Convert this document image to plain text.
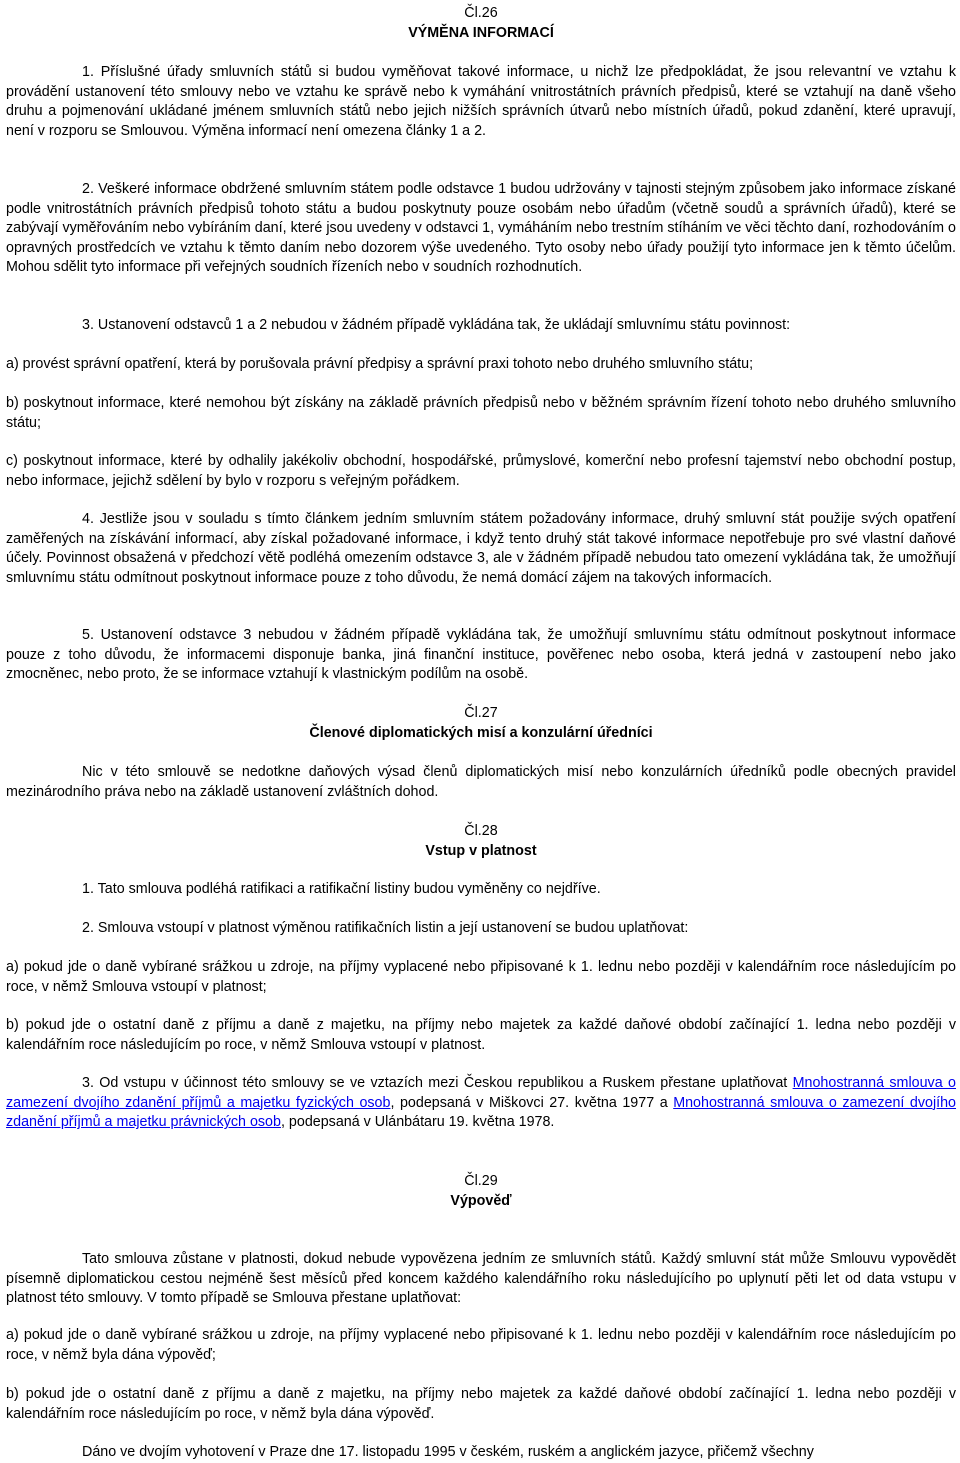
Čl.26
VÝMĚNA INFORMACÍ

1. Příslušné úřady smluvních států si budou vyměňovat takové informace, u nichž lze předpokládat, že jsou relevantní ve vztahu k provádění ustanovení této smlouvy nebo ve vztahu ke správě nebo k vymáhání vnitrostátních právních předpisů, které se vztahují na daně všeho druhu a pojmenování ukládané jménem smluvních států nebo jejich nižších správních útvarů nebo místních úřadů, pokud zdanění, které upravují, není v rozporu se Smlouvou. Výměna informací není omezena články 1 a 2.

2. Veškeré informace obdržené smluvním státem podle odstavce 1 budou udržovány v tajnosti stejným způsobem jako informace získané podle vnitrostátních právních předpisů tohoto státu a budou poskytnuty pouze osobám nebo úřadům (včetně soudů a správních úřadů), které se zabývají vyměřováním nebo vybíráním daní, které jsou uvedeny v odstavci 1, vymáháním nebo trestním stíháním ve věci těchto daní, rozhodováním o opravných prostředcích ve vztahu k těmto daním nebo dozorem výše uvedeného. Tyto osoby nebo úřady použijí tyto informace jen k těmto účelům. Mohou sdělit tyto informace při veřejných soudních řízeních nebo v soudních rozhodnutích.

3. Ustanovení odstavců 1 a 2 nebudou v žádném případě vykládána tak, že ukládají smluvnímu státu povinnost:

a) provést správní opatření, která by porušovala právní předpisy a správní praxi tohoto nebo druhého smluvního státu;

b) poskytnout informace, které nemohou být získány na základě právních předpisů nebo v běžném správním řízení tohoto nebo druhého smluvního státu;

c) poskytnout informace, které by odhalily jakékoliv obchodní, hospodářské, průmyslové, komerční nebo profesní tajemství nebo obchodní postup, nebo informace, jejichž sdělení by bylo v rozporu s veřejným pořádkem.

4. Jestliže jsou v souladu s tímto článkem jedním smluvním státem požadovány informace, druhý smluvní stát použije svých opatření zaměřených na získávání informací, aby získal požadované informace, i když tento druhý stát takové informace nepotřebuje pro své vlastní daňové účely. Povinnost obsažená v předchozí větě podléhá omezením odstavce 3, ale v žádném případě nebudou tato omezení vykládána tak, že umožňují smluvnímu státu odmítnout poskytnout informace pouze z toho důvodu, že nemá domácí zájem na takových informacích.

5. Ustanovení odstavce 3 nebudou v žádném případě vykládána tak, že umožňují smluvnímu státu odmítnout poskytnout informace pouze z toho důvodu, že informacemi disponuje banka, jiná finanční instituce, pověřenec nebo osoba, která jedná v zastoupení nebo jako zmocněnec, nebo proto, že se informace vztahují k vlastnickým podílům na osobě.

Čl.27
Členové diplomatických misí a konzulární úředníci

Nic v této smlouvě se nedotkne daňových výsad členů diplomatických misí nebo konzulárních úředníků podle obecných pravidel mezinárodního práva nebo na základě ustanovení zvláštních dohod.

Čl.28
Vstup v platnost

1. Tato smlouva podléhá ratifikaci a ratifikační listiny budou vyměněny co nejdříve.

2. Smlouva vstoupí v platnost výměnou ratifikačních listin a její ustanovení se budou uplatňovat:

a) pokud jde o daně vybírané srážkou u zdroje, na příjmy vyplacené nebo připisované k 1. lednu nebo později v kalendářním roce následujícím po roce, v němž Smlouva vstoupí v platnost;

b) pokud jde o ostatní daně z příjmu a daně z majetku, na příjmy nebo majetek za každé daňové období začínající 1. ledna nebo později v kalendářním roce následujícím po roce, v němž Smlouva vstoupí v platnost.

3. Od vstupu v účinnost této smlouvy se ve vztazích mezi Českou republikou a Ruskem přestane uplatňovat Mnohostranná smlouva o zamezení dvojího zdanění příjmů a majetku fyzických osob, podepsaná v Miškovci 27. května 1977 a Mnohostranná smlouva o zamezení dvojího zdanění příjmů a majetku právnických osob, podepsaná v Ulánbátaru 19. května 1978.

Čl.29
Výpověď

Tato smlouva zůstane v platnosti, dokud nebude vypovězena jedním ze smluvních států. Každý smluvní stát může Smlouvu vypovědět písemně diplomatickou cestou nejméně šest měsíců před koncem každého kalendářního roku následujícího po uplynutí pěti let od data vstupu v platnost této smlouvy. V tomto případě se Smlouva přestane uplatňovat:

a) pokud jde o daně vybírané srážkou u zdroje, na příjmy vyplacené nebo připisované k 1. lednu nebo později v kalendářním roce následujícím po roce, v němž byla dána výpověď;

b) pokud jde o ostatní daně z příjmu a daně z majetku, na příjmy nebo majetek za každé daňové období začínající 1. ledna nebo později v kalendářním roce následujícím po roce, v němž byla dána výpověď.

Dáno ve dvojím vyhotovení v Praze dne 17. listopadu 1995 v českém, ruském a anglickém jazyce, přičemž všechny
